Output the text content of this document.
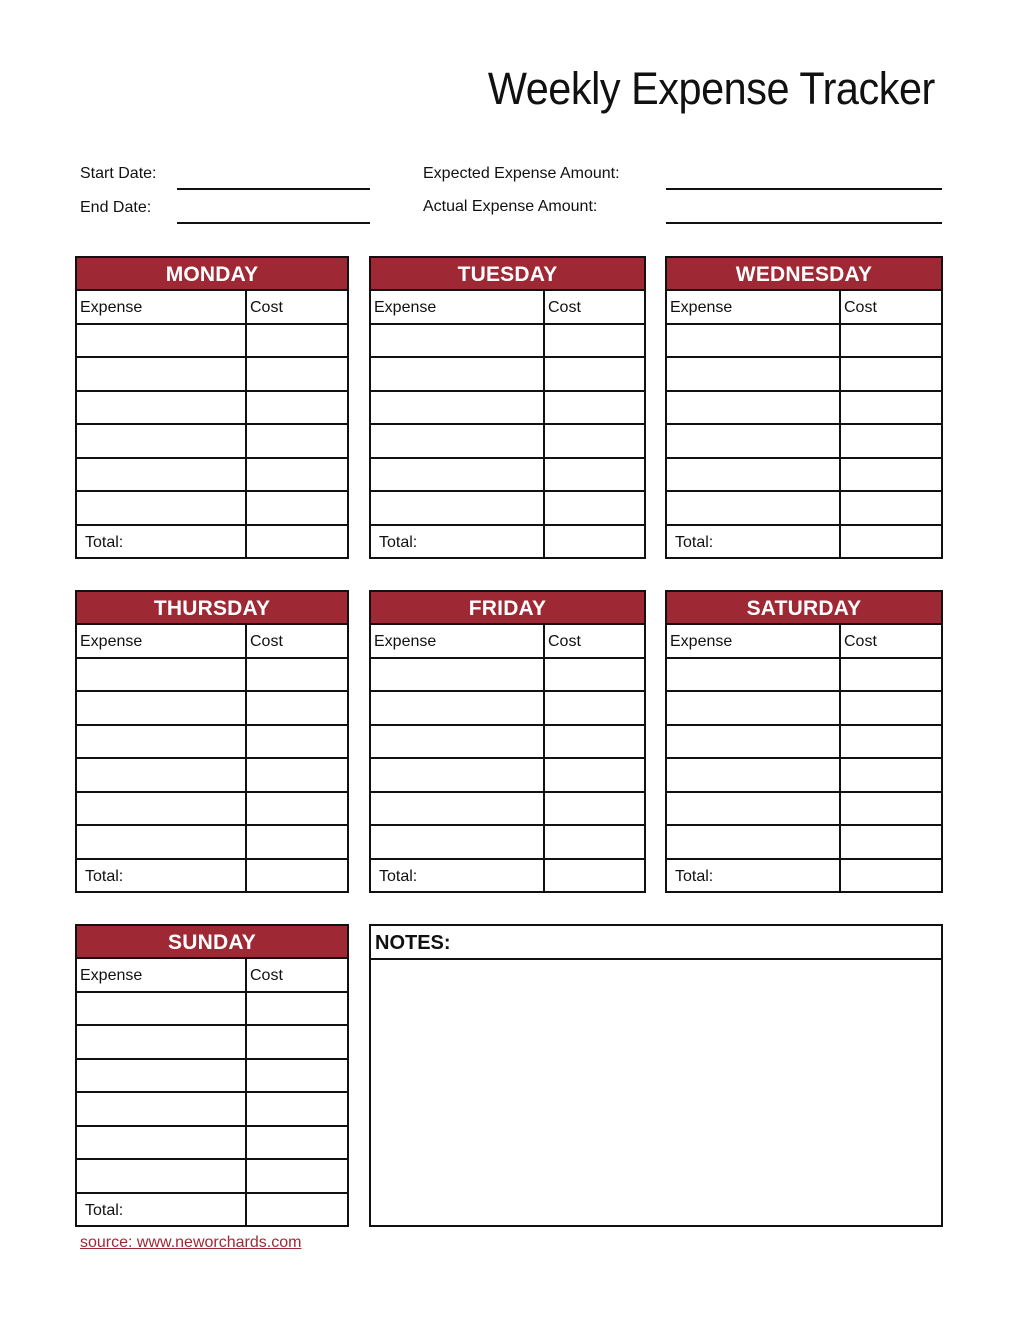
Weekly Expense Tracker
Start Date:
End Date:
Expected Expense Amount:
Actual Expense Amount:
MONDAY
Expense	Cost
Total:
TUESDAY
Expense	Cost
Total:
WEDNESDAY
Expense	Cost
Total:
THURSDAY
Expense	Cost
Total:
FRIDAY
Expense	Cost
Total:
SATURDAY
Expense	Cost
Total:
SUNDAY
Expense	Cost
Total:
NOTES:
source: www.neworchards.com
